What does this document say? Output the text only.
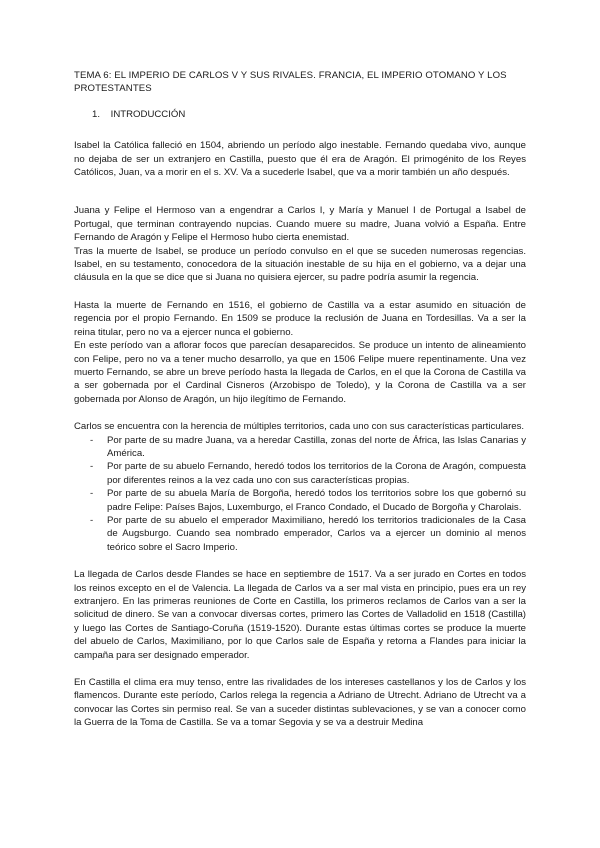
TEMA 6: EL IMPERIO DE CARLOS V Y SUS RIVALES. FRANCIA, EL IMPERIO OTOMANO Y LOS PROTESTANTES
1. INTRODUCCIÓN

Isabel la Católica falleció en 1504, abriendo un período algo inestable. Fernando quedaba vivo, aunque no dejaba de ser un extranjero en Castilla, puesto que él era de Aragón. El primogénito de los Reyes Católicos, Juan, va a morir en el s. XV. Va a sucederle Isabel, que va a morir también un año después.

Juana y Felipe el Hermoso van a engendrar a Carlos I, y María y Manuel I de Portugal a Isabel de Portugal, que terminan contrayendo nupcias. Cuando muere su madre, Juana volvió a España. Entre Fernando de Aragón y Felipe el Hermoso hubo cierta enemistad.

Tras la muerte de Isabel, se produce un período convulso en el que se suceden numerosas regencias. Isabel, en su testamento, conocedora de la situación inestable de su hija en el gobierno, va a dejar una cláusula en la que se dice que si Juana no quisiera ejercer, su padre podría asumir la regencia.

Hasta la muerte de Fernando en 1516, el gobierno de Castilla va a estar asumido en situación de regencia por el propio Fernando. En 1509 se produce la reclusión de Juana en Tordesillas. Va a ser la reina titular, pero no va a ejercer nunca el gobierno.

En este período van a aflorar focos que parecían desaparecidos. Se produce un intento de alineamiento con Felipe, pero no va a tener mucho desarrollo, ya que en 1506 Felipe muere repentinamente. Una vez muerto Fernando, se abre un breve período hasta la llegada de Carlos, en el que la Corona de Castilla va a ser gobernada por el Cardinal Cisneros (Arzobispo de Toledo), y la Corona de Castilla va a ser gobernada por Alonso de Aragón, un hijo ilegítimo de Fernando.

Carlos se encuentra con la herencia de múltiples territorios, cada uno con sus características particulares.

- Por parte de su madre Juana, va a heredar Castilla, zonas del norte de África, las Islas Canarias y América.
- Por parte de su abuelo Fernando, heredó todos los territorios de la Corona de Aragón, compuesta por diferentes reinos a la vez cada uno con sus características propias.
- Por parte de su abuela María de Borgoña, heredó todos los territorios sobre los que gobernó su padre Felipe: Países Bajos, Luxemburgo, el Franco Condado, el Ducado de Borgoña y Charolais.
- Por parte de su abuelo el emperador Maximiliano, heredó los territorios tradicionales de la Casa de Augsburgo. Cuando sea nombrado emperador, Carlos va a ejercer un dominio al menos teórico sobre el Sacro Imperio.

La llegada de Carlos desde Flandes se hace en septiembre de 1517. Va a ser jurado en Cortes en todos los reinos excepto en el de Valencia. La llegada de Carlos va a ser mal vista en principio, pues era un rey extranjero. En las primeras reuniones de Corte en Castilla, los primeros reclamos de Carlos van a ser la solicitud de dinero. Se van a convocar diversas cortes, primero las Cortes de Valladolid en 1518 (Castilla) y luego las Cortes de Santiago-Coruña (1519-1520). Durante estas últimas cortes se produce la muerte del abuelo de Carlos, Maximiliano, por lo que Carlos sale de España y retorna a Flandes para iniciar la campaña para ser designado emperador.

En Castilla el clima era muy tenso, entre las rivalidades de los intereses castellanos y los de Carlos y los flamencos. Durante este período, Carlos relega la regencia a Adriano de Utrecht. Adriano de Utrecht va a convocar las Cortes sin permiso real. Se van a suceder distintas sublevaciones, y se van a conocer como la Guerra de la Toma de Castilla. Se va a tomar Segovia y se va a destruir Medina
